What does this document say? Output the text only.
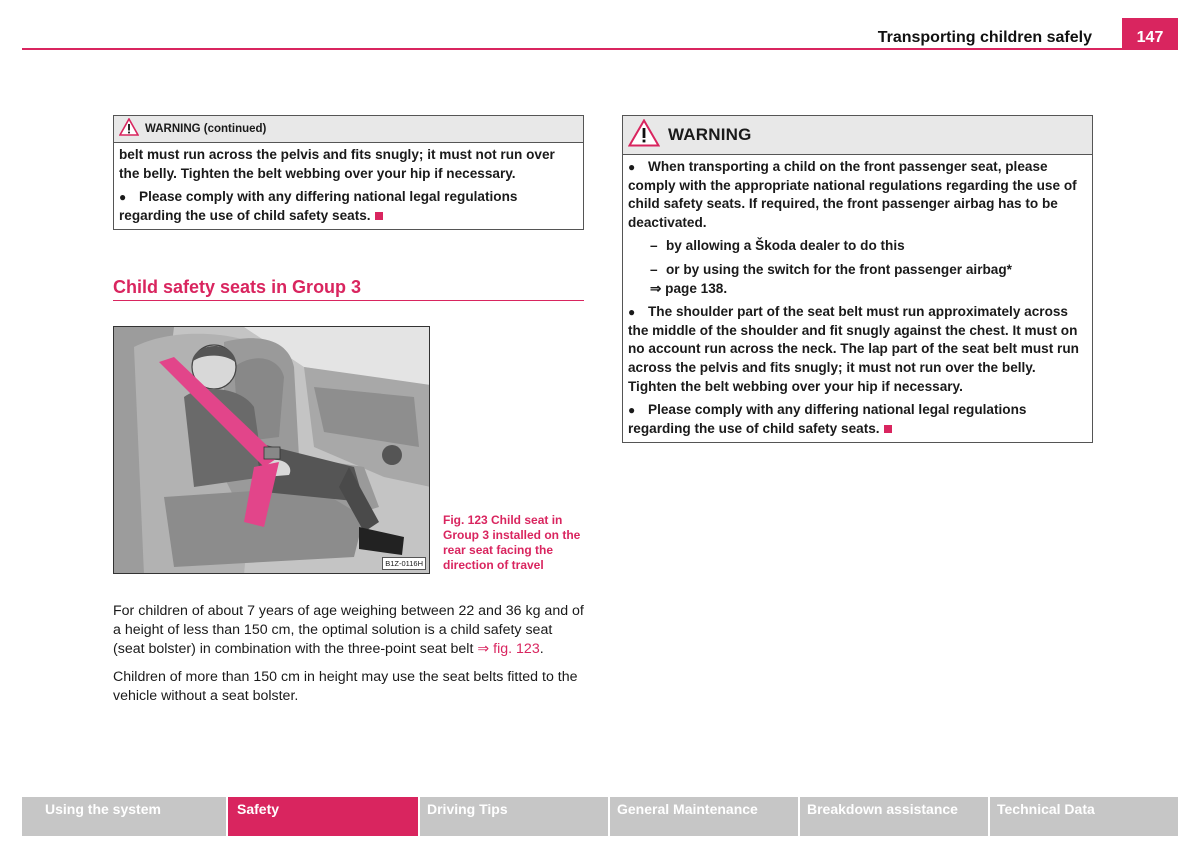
Transporting children safely	147
WARNING (continued)

belt must run across the pelvis and fits snugly; it must not run over the belly. Tighten the belt webbing over your hip if necessary.

● Please comply with any differing national legal regulations regarding the use of child safety seats.

Child safety seats in Group 3
B1Z-0116H
Fig. 123 Child seat in Group 3 installed on the rear seat facing the direction of travel
For children of about 7 years of age weighing between 22 and 36 kg and of a height of less than 150 cm, the optimal solution is a child safety seat (seat bolster) in combination with the three-point seat belt ⇒ fig. 123.
Children of more than 150 cm in height may use the seat belts fitted to the vehicle without a seat bolster.
WARNING

● When transporting a child on the front passenger seat, please comply with the appropriate national regulations regarding the use of child safety seats. If required, the front passenger airbag has to be deactivated.

– by allowing a Škoda dealer to do this

– or by using the switch for the front passenger airbag*
⇒ page 138.

● The shoulder part of the seat belt must run approximately across the middle of the shoulder and fit snugly against the chest. It must on no account run across the neck. The lap part of the seat belt must run across the pelvis and fits snugly; it must not run over the belly. Tighten the belt webbing over your hip if necessary.

● Please comply with any differing national legal regulations regarding the use of child safety seats.

Using the system	Safety	Driving Tips	General Maintenance	Breakdown assistance	Technical Data
